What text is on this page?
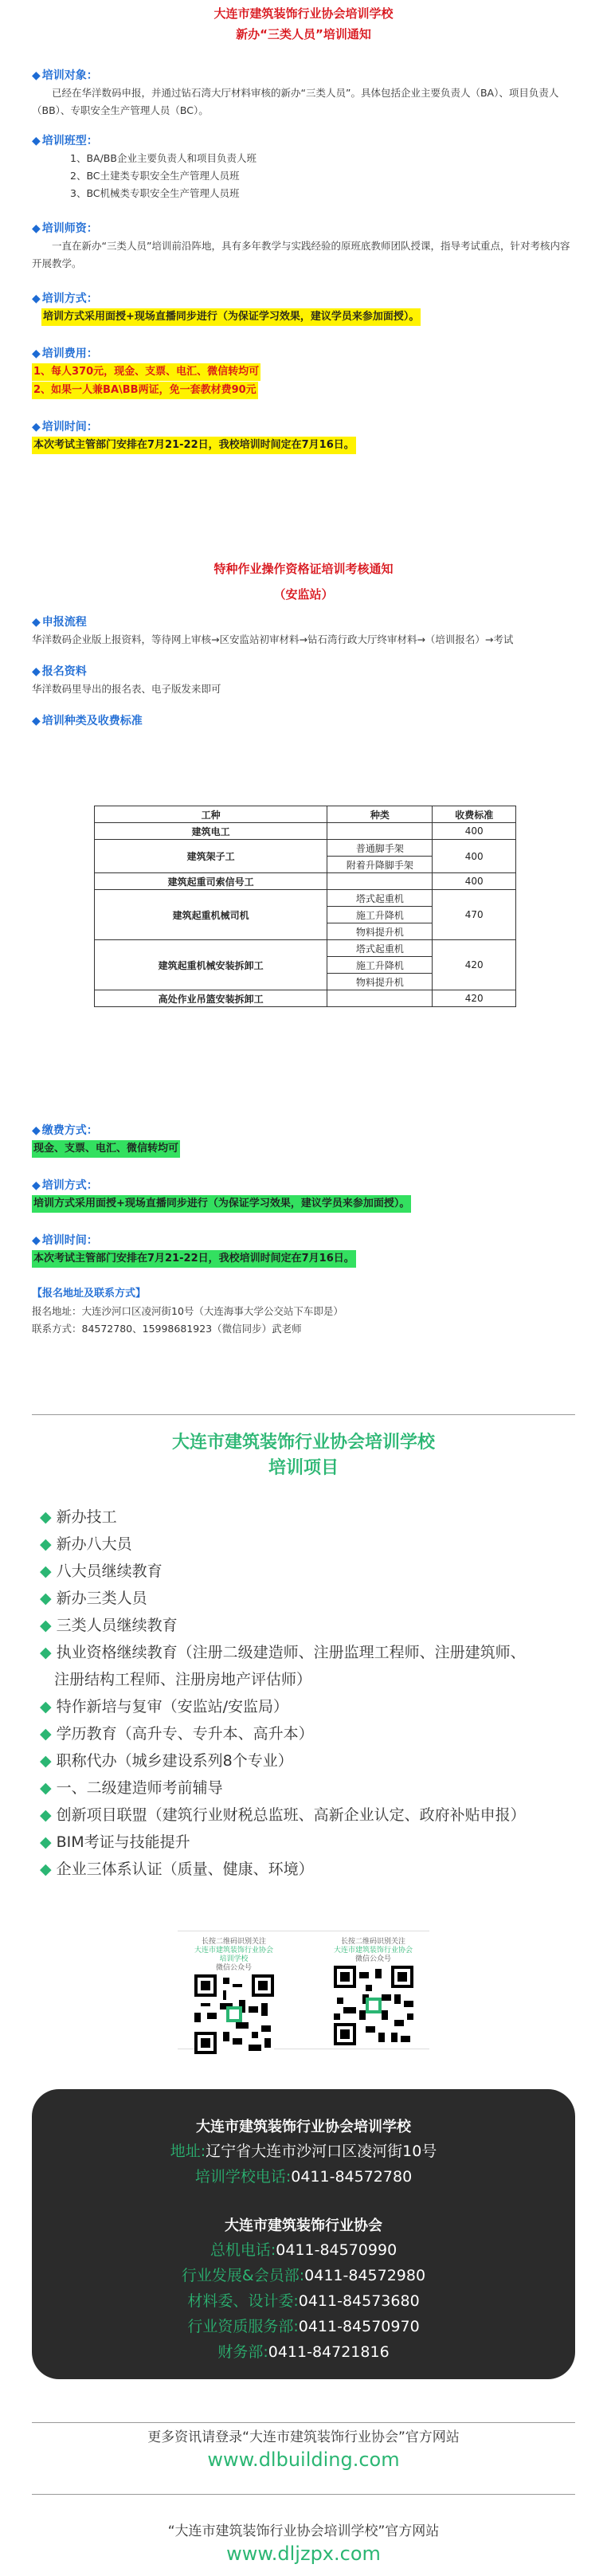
大连市建筑装饰行业协会培训学校
新办“三类人员”培训通知
◆ 培训对象：
已经在华洋数码申报，并通过钻石湾大厅材料审核的新办“三类人员”。具体包括企业主要负责人（BA）、项目负责人（BB）、专职安全生产管理人员（BC）。
◆ 培训班型：
1、BA/BB企业主要负责人和项目负责人班
2、BC土建类专职安全生产管理人员班
3、BC机械类专职安全生产管理人员班
◆ 培训师资：
一直在新办“三类人员”培训前沿阵地，具有多年教学与实践经验的原班底教师团队授课，指导考试重点，针对考核内容开展教学。
◆ 培训方式：
培训方式采用面授+现场直播同步进行（为保证学习效果，建议学员来参加面授）。
◆ 培训费用：
1、每人370元，现金、支票、电汇、微信转均可
2、如果一人兼BA\BB两证，免一套教材费90元
◆ 培训时间：
本次考试主管部门安排在7月21-22日，我校培训时间定在7月16日。
特种作业操作资格证培训考核通知
（安监站）
◆ 申报流程
华洋数码企业版上报资料，等待网上审核→区安监站初审材料→钻石湾行政大厅终审材料→（培训报名）→考试
◆ 报名资料
华洋数码里导出的报名表、电子版发来即可
◆ 培训种类及收费标准
工种	种类	收费标准
建筑电工		400
建筑架子工	普通脚手架	400
	附着升降脚手架	
建筑起重司索信号工		400
建筑起重机械司机	塔式起重机	470
	施工升降机	
	物料提升机	
建筑起重机械安装拆卸工	塔式起重机	420
	施工升降机	
	物料提升机	
高处作业吊篮安装拆卸工		420
◆ 缴费方式：
现金、支票、电汇、微信转均可
◆ 培训方式：
培训方式采用面授+现场直播同步进行（为保证学习效果，建议学员来参加面授）。
◆ 培训时间：
本次考试主管部门安排在7月21-22日，我校培训时间定在7月16日。
【报名地址及联系方式】
报名地址：大连沙河口区凌河街10号（大连海事大学公交站下车即是）
联系方式：84572780、15998681923（微信同步）武老师
大连市建筑装饰行业协会培训学校
培训项目
◆ 新办技工
◆ 新办八大员
◆ 八大员继续教育
◆ 新办三类人员
◆ 三类人员继续教育
◆ 执业资格继续教育（注册二级建造师、注册监理工程师、注册建筑师、
注册结构工程师、注册房地产评估师）
◆ 特作新培与复审（安监站/安监局）
◆ 学历教育（高升专、专升本、高升本）
◆ 职称代办（城乡建设系列8个专业）
◆ 一、二级建造师考前辅导
◆ 创新项目联盟（建筑行业财税总监班、高新企业认定、政府补贴申报）
◆ BIM考证与技能提升
◆ 企业三体系认证（质量、健康、环境）
长按二维码识别关注
大连市建筑装饰行业协会培训学校
微信公众号
长按二维码识别关注
大连市建筑装饰行业协会
微信公众号
大连市建筑装饰行业协会培训学校
地址:辽宁省大连市沙河口区凌河街10号
培训学校电话:0411-84572780
大连市建筑装饰行业协会
总机电话:0411-84570990
行业发展&会员部:0411-84572980
材料委、设计委:0411-84573680
行业资质服务部:0411-84570970
财务部:0411-84721816
更多资讯请登录“大连市建筑装饰行业协会”官方网站
www.dlbuilding.com
“大连市建筑装饰行业协会培训学校”官方网站
www.dljzpx.com
